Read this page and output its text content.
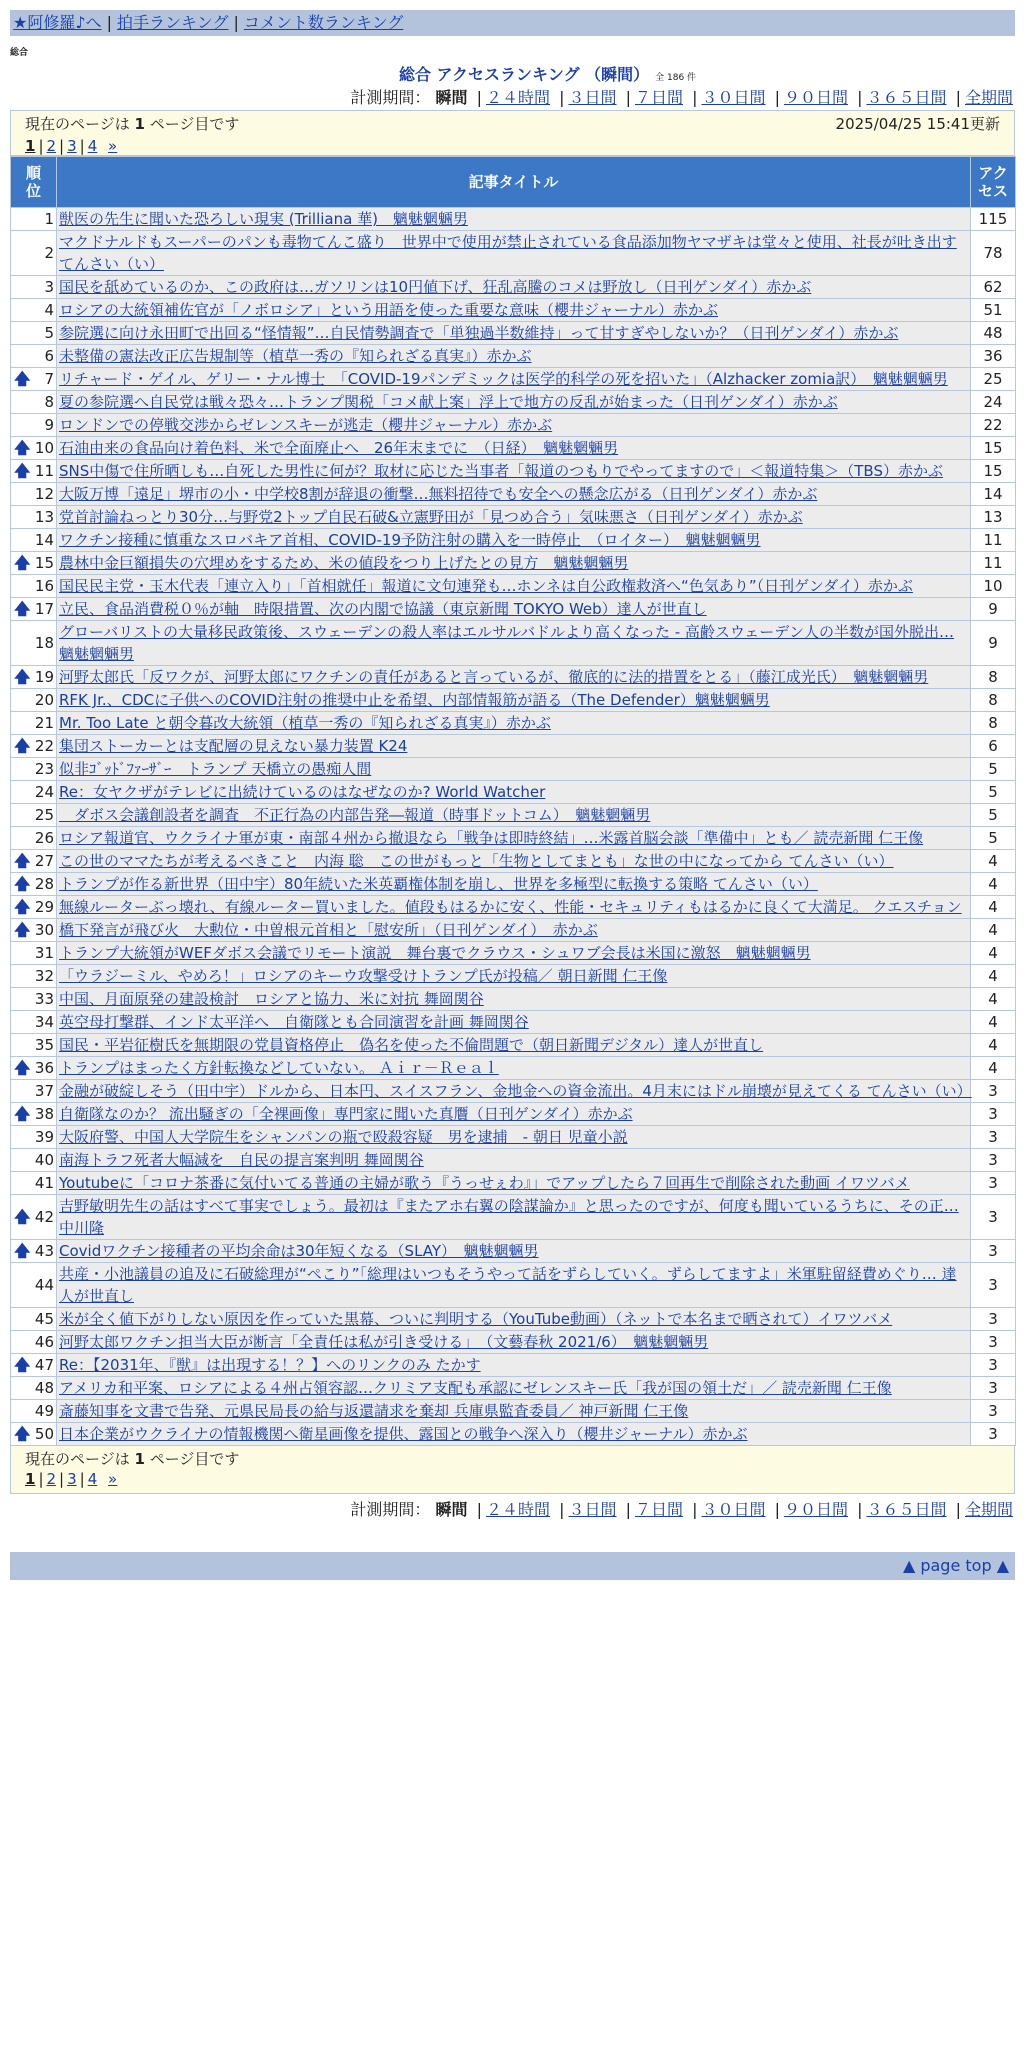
★阿修羅♪へ | 拍手ランキング | コメント数ランキング
総合
総合 アクセスランキング （瞬間） 全 186 件
計測期間： 瞬間 | ２４時間 | ３日間 | ７日間 | ３０日間 | ９０日間 | ３６５日間 | 全期間
現在のページは 1 ページ目です	2025/04/25 15:41更新
1 | 2 | 3 | 4 »
順位	記事タイトル	アクセス
1	獣医の先生に聞いた恐ろしい現実 (Trilliana 華)　魑魅魍魎男	115
2	マクドナルドもスーパーのパンも毒物てんこ盛り　世界中で使用が禁止されている食品添加物ヤマザキは堂々と使用、社長が吐き出す てんさい（い）	78
3	国民を舐めているのか、この政府は…ガソリンは10円値下げ、狂乱高騰のコメは野放し（日刊ゲンダイ）赤かぶ	62
4	ロシアの大統領補佐官が「ノボロシア」という用語を使った重要な意味（櫻井ジャーナル）赤かぶ	51
5	参院選に向け永田町で出回る“怪情報”…自民情勢調査で「単独過半数維持」って甘すぎやしないか？（日刊ゲンダイ）赤かぶ	48
6	未整備の憲法改正広告規制等（植草一秀の『知られざる真実』）赤かぶ	36

🡅 7	リチャード・ゲイル、ゲリー・ナル博士　「COVID-19パンデミックは医学的科学の死を招いた」（Alzhacker zomia訳）　魑魅魍魎男	25
8	夏の参院選へ自民党は戦々恐々…トランプ関税「コメ献上案」浮上で地方の反乱が始まった（日刊ゲンダイ）赤かぶ	24
9	ロンドンでの停戦交渉からゼレンスキーが逃走（櫻井ジャーナル）赤かぶ	22

🡅 10	石油由来の食品向け着色料、米で全面廃止へ　26年末までに　（日経）　魑魅魍魎男	15

🡅 11	SNS中傷で住所晒しも…自死した男性に何が？取材に応じた当事者「報道のつもりでやってますので」＜報道特集＞（TBS）赤かぶ	15
12	大阪万博「遠足」堺市の小・中学校8割が辞退の衝撃…無料招待でも安全への懸念広がる（日刊ゲンダイ）赤かぶ	14
13	党首討論ねっとり30分…与野党2トップ自民石破&立憲野田が「見つめ合う」気味悪さ（日刊ゲンダイ）赤かぶ	13
14	ワクチン接種に慎重なスロバキア首相、COVID-19予防注射の購入を一時停止　（ロイター）　魑魅魍魎男	11

🡅 15	農林中金巨額損失の穴埋めをするため、米の値段をつり上げたとの見方　魑魅魍魎男	11
16	国民民主党・玉木代表「連立入り」「首相就任」報道に文句連発も…ホンネは自公政権救済へ“色気あり”（日刊ゲンダイ）赤かぶ	10

🡅 17	立民、食品消費税０％が軸　時限措置、次の内閣で協議（東京新聞 TOKYO Web）達人が世直し	9
18	グローバリストの大量移民政策後、スウェーデンの殺人率はエルサルバドルより高くなった - 高齢スウェーデン人の半数が国外脱出… 魑魅魍魎男	9

🡅 19	河野太郎氏「反ワクが、河野太郎にワクチンの責任があると言っているが、徹底的に法的措置をとる」（藤江成光氏）　魑魅魍魎男	8
20	RFK Jr.、CDCに子供へのCOVID注射の推奨中止を希望、内部情報筋が語る（The Defender）魑魅魍魎男	8
21	Mr. Too Late と朝令暮改大統領（植草一秀の『知られざる真実』）赤かぶ	8

🡅 22	集団ストーカーとは支配層の見えない暴力装置 K24	6
23	似非ｺﾞｯﾄﾞﾌｧｰｻﾞｰ　トランプ 天橋立の愚痴人間	5
24	Re：女ヤクザがテレビに出続けているのはなぜなのか? World Watcher	5
25	　ダボス会議創設者を調査　不正行為の内部告発―報道（時事ドットコム）　魑魅魍魎男	5
26	ロシア報道官、ウクライナ軍が東・南部４州から撤退なら「戦争は即時終結」…米露首脳会談「準備中」とも／ 読売新聞 仁王像	5

🡅 27	この世のママたちが考えるべきこと　内海 聡　この世がもっと「生物としてまとも」な世の中になってから てんさい（い）	4

🡅 28	トランプが作る新世界（田中宇）80年続いた米英覇権体制を崩し、世界を多極型に転換する策略 てんさい（い）	4

🡅 29	無線ルーターぶっ壊れ、有線ルーター買いました。値段もはるかに安く、性能・セキュリティもはるかに良くて大満足。 クエスチョン	4

🡅 30	橋下発言が飛び火　大勲位・中曽根元首相と「慰安所」（日刊ゲンダイ）　赤かぶ	4
31	トランプ大統領がWEFダボス会議でリモート演説　舞台裏でクラウス・シュワブ会長は米国に激怒　魑魅魍魎男	4
32	「ウラジーミル、やめろ！」ロシアのキーウ攻撃受けトランプ氏が投稿／ 朝日新聞 仁王像	4
33	中国、月面原発の建設検討　ロシアと協力、米に対抗 舞岡関谷	4
34	英空母打撃群、インド太平洋へ　自衛隊とも合同演習を計画 舞岡関谷	4
35	国民・平岩征樹氏を無期限の党員資格停止　偽名を使った不倫問題で（朝日新聞デジタル）達人が世直し	4

🡅 36	トランプはまったく方針転換などしていない。 Ａｉｒ－Ｒｅａｌ	4
37	金融が破綻しそう（田中宇）ドルから、日本円、スイスフラン、金地金への資金流出。4月末にはドル崩壊が見えてくる てんさい（い）	3

🡅 38	自衛隊なのか？ 流出騒ぎの「全裸画像」専門家に聞いた真贋（日刊ゲンダイ）赤かぶ	3
39	大阪府警、中国人大学院生をシャンパンの瓶で殴殺容疑　男を逮捕　- 朝日 児童小説	3
40	南海トラフ死者大幅減を　自民の提言案判明 舞岡関谷	3
41	Youtubeに「コロナ茶番に気付いてる普通の主婦が歌う『うっせぇわ』」でアップしたら７回再生で削除された動画 イワツバメ	3

🡅 42	吉野敏明先生の話はすべて事実でしょう。最初は『またアホ右翼の陰謀論か』と思ったのですが、何度も聞いているうちに、その正… 中川隆	3

🡅 43	Covidワクチン接種者の平均余命は30年短くなる（SLAY）　魑魅魍魎男	3
44	共産・小池議員の追及に石破総理が“ぺこり”「総理はいつもそうやって話をずらしていく。ずらしてますよ」米軍駐留経費めぐり… 達人が世直し	3
45	米が全く値下がりしない原因を作っていた黒幕、ついに判明する（YouTube動画）（ネットで本名まで晒されて）イワツバメ	3
46	河野太郎ワクチン担当大臣が断言「全責任は私が引き受ける」　（文藝春秋 2021/6）　魑魅魍魎男	3

🡅 47	Re：【2031年、『獣』は出現する！？】へのリンクのみ たかす	3
48	アメリカ和平案、ロシアによる４州占領容認…クリミア支配も承認にゼレンスキー氏「我が国の領土だ」／ 読売新聞 仁王像	3
49	斎藤知事を文書で告発、元県民局長の給与返還請求を棄却 兵庫県監査委員／ 神戸新聞 仁王像	3

🡅 50	日本企業がウクライナの情報機関へ衛星画像を提供、露国との戦争へ深入り（櫻井ジャーナル）赤かぶ	3
現在のページは 1 ページ目です
1 | 2 | 3 | 4 »
計測期間： 瞬間 | ２４時間 | ３日間 | ７日間 | ３０日間 | ９０日間 | ３６５日間 | 全期間
▲ page top ▲
